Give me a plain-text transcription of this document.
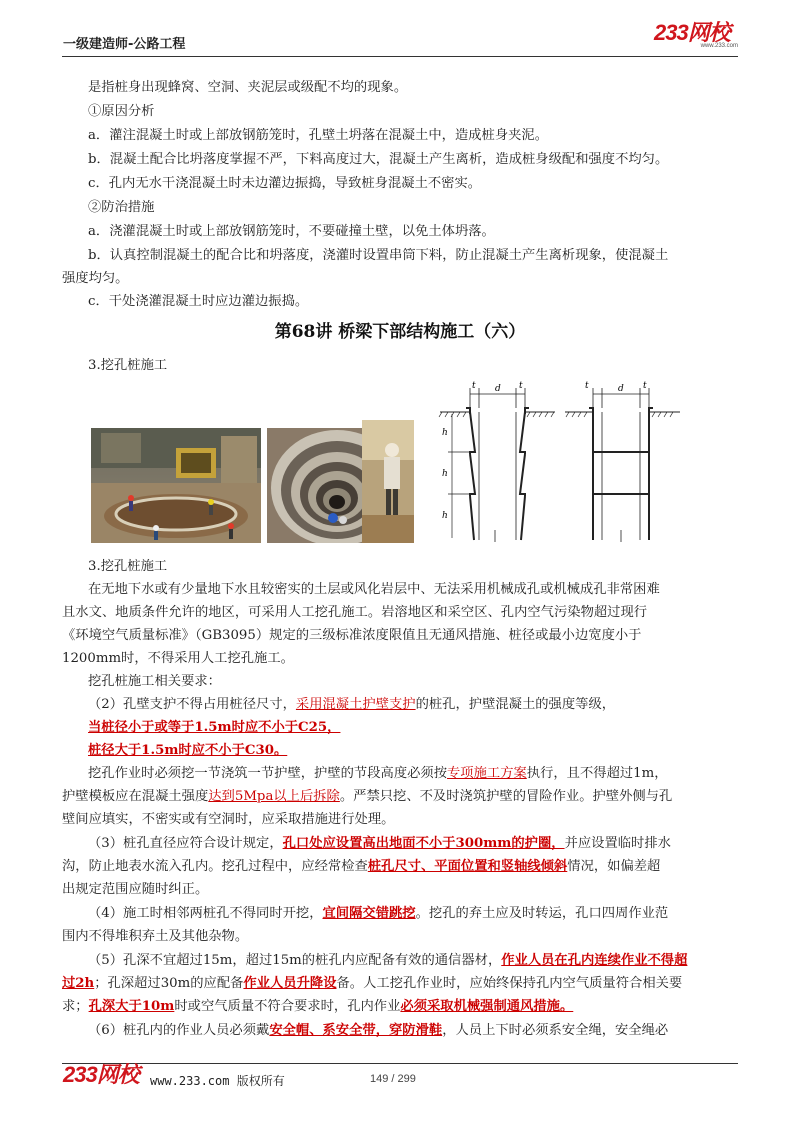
一级建造师-公路工程	233网校
www.233.com
是指桩身出现蜂窝、空洞、夹泥层或级配不均的现象。
①原因分析
a．灌注混凝土时或上部放钢筋笼时，孔壁土坍落在混凝土中，造成桩身夹泥。
b．混凝土配合比坍落度掌握不严，下料高度过大，混凝土产生离析，造成桩身级配和强度不均匀。
c．孔内无水干浇混凝土时未边灌边振捣，导致桩身混凝土不密实。
②防治措施
a．浇灌混凝土时或上部放钢筋笼时，不要碰撞土壁，以免土体坍落。
b．认真控制混凝土的配合比和坍落度，浇灌时设置串筒下料，防止混凝土产生离析现象，使混凝土
强度均匀。
c．干处浇灌混凝土时应边灌边振捣。
第68讲 桥梁下部结构施工（六）
3.挖孔桩施工
t d t
h
h
h
t	d t
3.挖孔桩施工
在无地下水或有少量地下水且较密实的土层或风化岩层中、无法采用机械成孔或机械成孔非常困难
且水文、地质条件允许的地区，可采用人工挖孔施工。岩溶地区和采空区、孔内空气污染物超过现行
《环境空气质量标准》（GB3095）规定的三级标准浓度限值且无通风措施、桩径或最小边宽度小于
1200mm时，不得采用人工挖孔施工。
挖孔桩施工相关要求：
（2）孔壁支护不得占用桩径尺寸，采用混凝土护壁支护的桩孔，护壁混凝土的强度等级，
当桩径小于或等于1.5m时应不小于C25，
桩径大于1.5m时应不小于C30。
挖孔作业时必须挖一节浇筑一节护壁，护壁的节段高度必须按专项施工方案执行，且不得超过1m，
护壁模板应在混凝土强度达到5Mpa以上后拆除。严禁只挖、不及时浇筑护壁的冒险作业。护壁外侧与孔
壁间应填实，不密实或有空洞时，应采取措施进行处理。
（3）桩孔直径应符合设计规定，孔口处应设置高出地面不小于300mm的护圈，并应设置临时排水
沟，防止地表水流入孔内。挖孔过程中，应经常检查桩孔尺寸、平面位置和竖轴线倾斜情况，如偏差超
出规定范围应随时纠正。
（4）施工时相邻两桩孔不得同时开挖，宜间隔交错跳挖。挖孔的弃土应及时转运，孔口四周作业范
围内不得堆积弃土及其他杂物。
（5）孔深不宜超过15m，超过15m的桩孔内应配备有效的通信器材，作业人员在孔内连续作业不得超
过2h；孔深超过30m的应配备作业人员升降设备。人工挖孔作业时，应始终保持孔内空气质量符合相关要
求；孔深大于10m时或空气质量不符合要求时，孔内作业必须采取机械强制通风措施。
（6）桩孔内的作业人员必须戴安全帽、系安全带，穿防滑鞋，人员上下时必须系安全绳，安全绳必
233网校 www.233.com 版权所有	149 / 299
